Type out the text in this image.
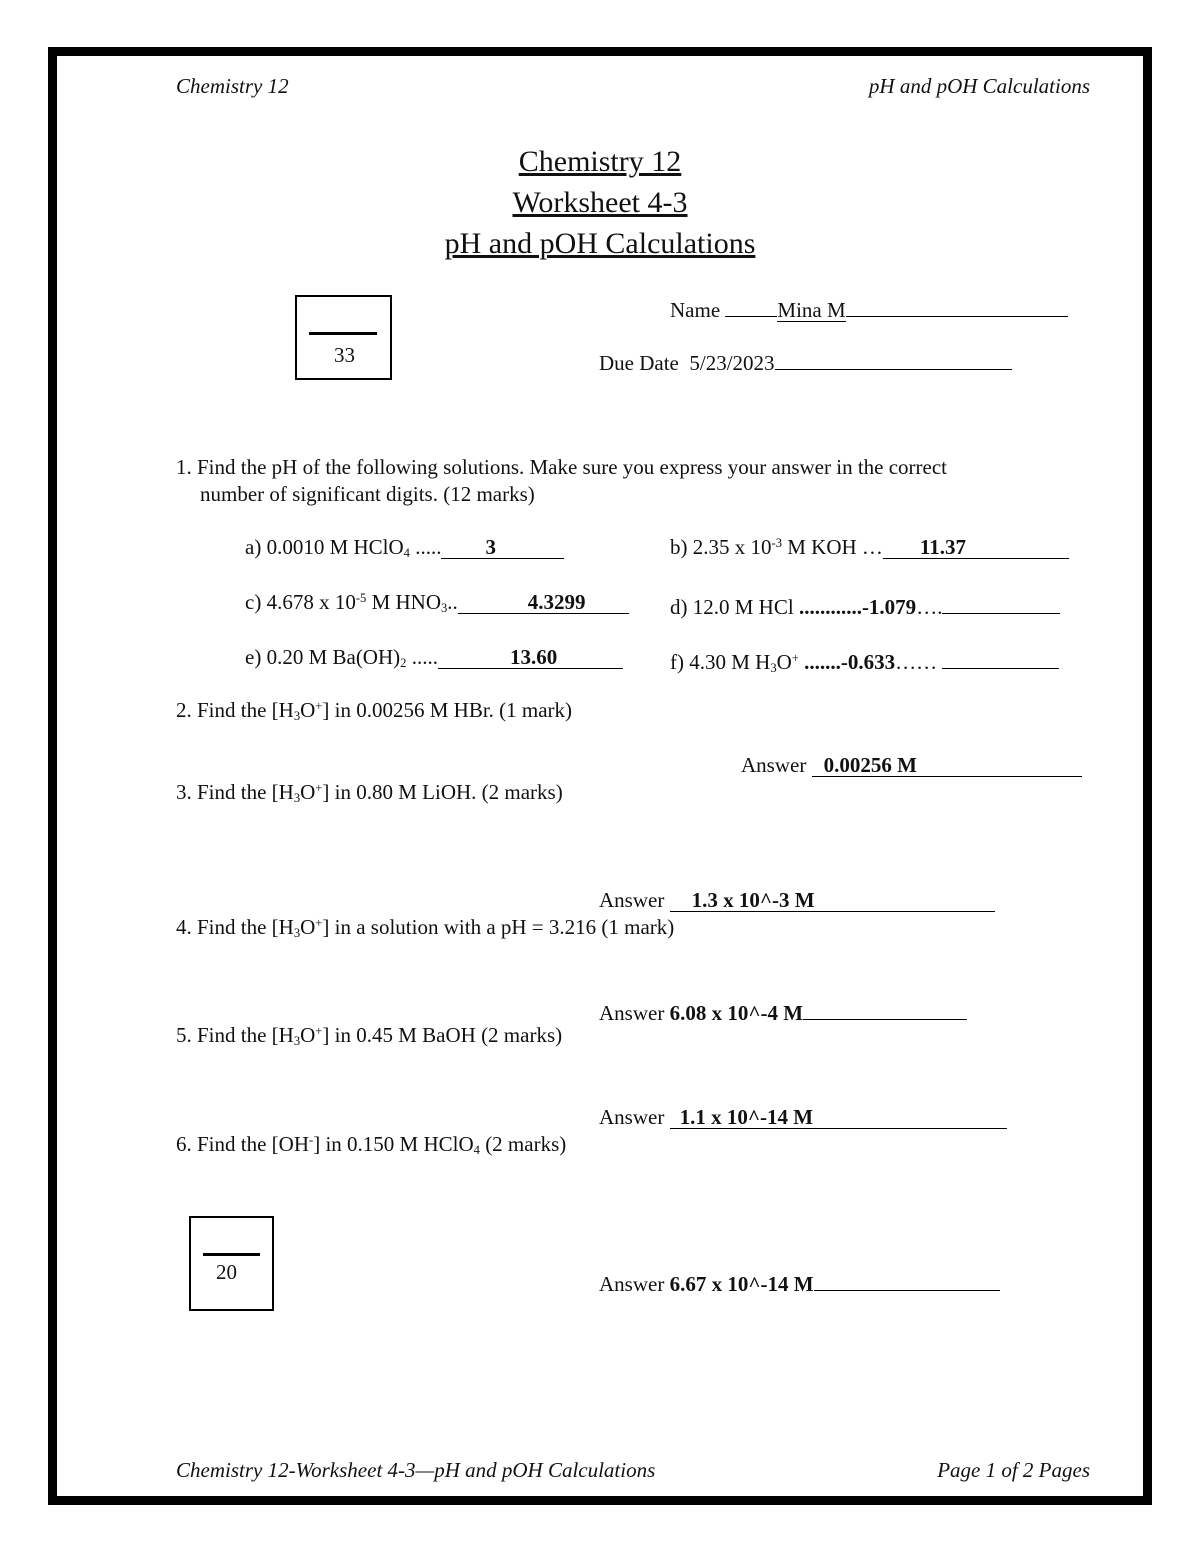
Chemistry 12	pH and pOH Calculations
Chemistry 12
Worksheet 4-3
pH and pOH Calculations
33
Name	Mina M
Due Date 5/23/2023
1. Find the pH of the following solutions. Make sure you express your answer in the correct
number of significant digits. (12 marks)
a) 0.0010 M HClO$_4$ ..... 3	b) 2.35 x $10^{-3}$ M KOH … 11.37
c) 4.678 x $10^{-5}$ M $HNO_3$..	4.3299	d) 12.0 M HCl ............-1.079….
e) 0.20 M $Ba(OH)_2$ .....	13.60	f) 4.30 M $H_3O^+$ .......-0.633……
2. Find the $[H_3O^+]$ in 0.00256 M HBr. (1 mark)
Answer 0.00256 M
3. Find the $[H_3O^+]$ in 0.80 M LiOH. (2 marks)
Answer 1.3 x 10^-3 M
4. Find the $[H_3O^+]$ in a solution with a pH = 3.216 (1 mark)
Answer 6.08 x 10^-4 M
5. Find the $[H_3O^+]$ in 0.45 M BaOH (2 marks)
Answer 1.1 x 10^-14 M
6. Find the [OH-] in 0.150 M HClO$_4$ (2 marks)
20	Answer 6.67 x 10^-14 M
Chemistry 12-Worksheet 4-3—pH and pOH Calculations	Page 1 of 2 Pages
